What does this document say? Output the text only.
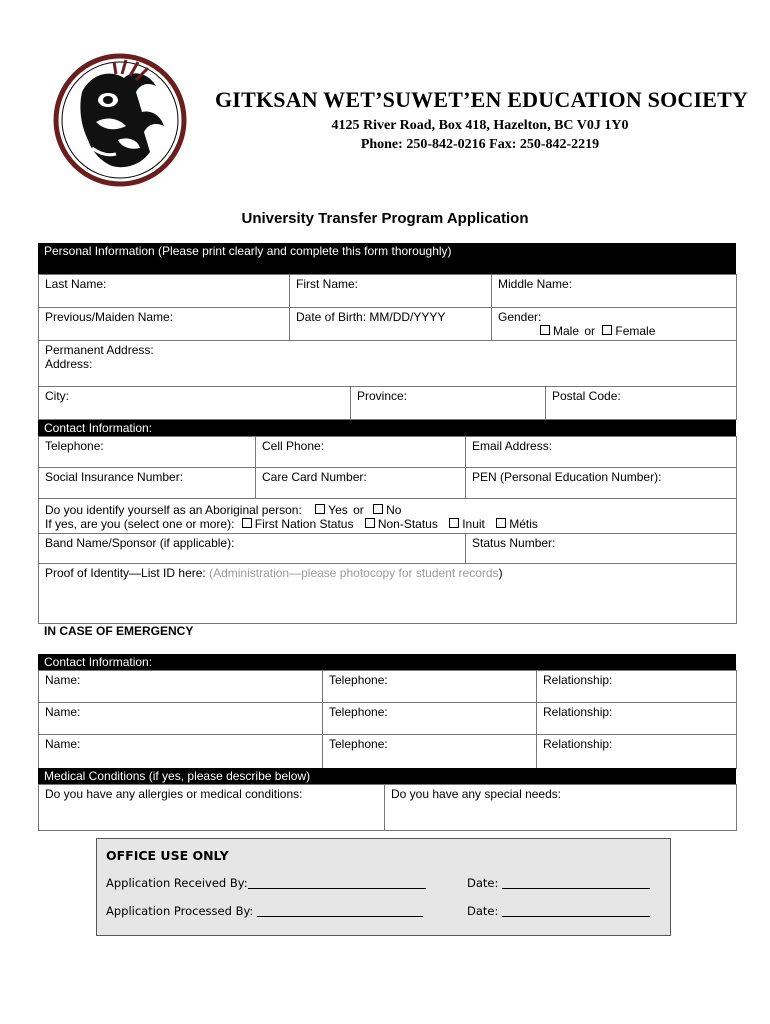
GITKSAN WET’SUWET’EN EDUCATION SOCIETY
4125 River Road, Box 418, Hazelton, BC V0J 1Y0
Phone: 250-842-0216 Fax: 250-842-2219
University Transfer Program Application
Personal Information (Please print clearly and complete this form thoroughly)
Last Name:	First Name:	Middle Name:
Previous/Maiden Name:	Date of Birth: MM/DD/YYYY	Gender:
Male or Female
Permanent Address:
Address:

City:	Province:	Postal Code:
Contact Information:
Telephone:	Cell Phone:	Email Address:
Social Insurance Number:	Care Card Number:	PEN (Personal Education Number):
Do you identify yourself as an Aboriginal person: Yes or No
If yes, are you (select one or more): First Nation Status Non-Status Inuit Métis

Band Name/Sponsor (if applicable):	Status Number:
Proof of Identity—List ID here: (Administration—please photocopy for student records)
IN CASE OF EMERGENCY
Contact Information:
Name:	Telephone:	Relationship:
Name:	Telephone:	Relationship:
Name:	Telephone:	Relationship:
Medical Conditions (if yes, please describe below)
Do you have any allergies or medical conditions:	Do you have any special needs:
OFFICE USE ONLY
Application Received By:	Date:
Application Processed By:	Date:
